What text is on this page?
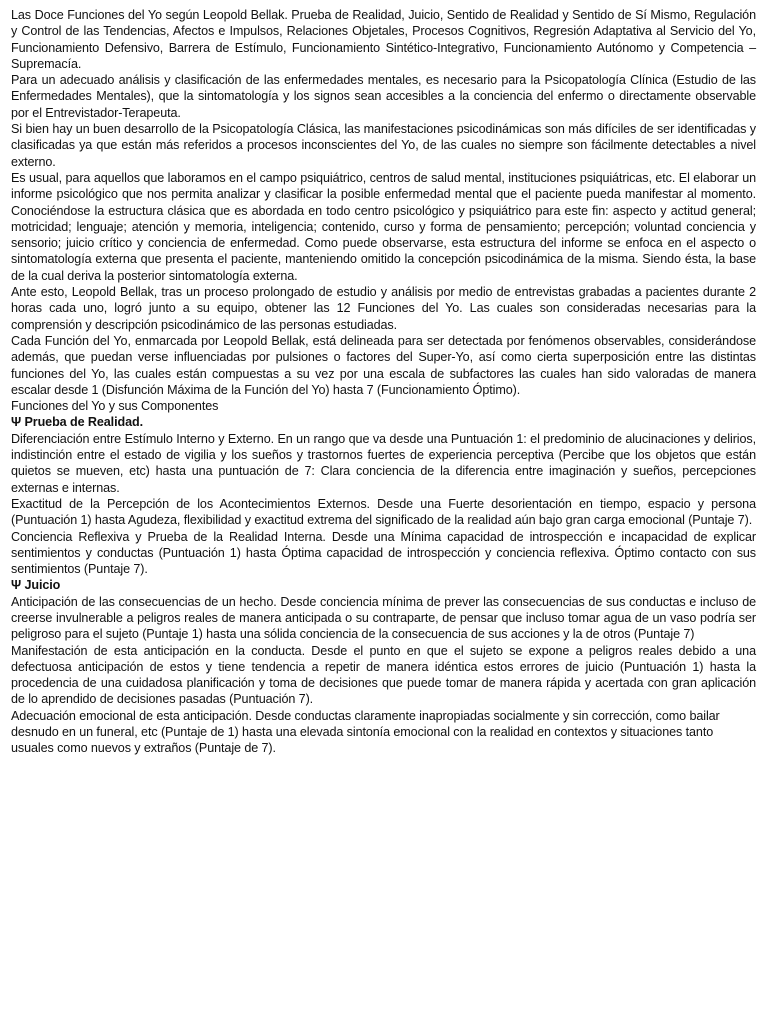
Las Doce Funciones del Yo según Leopold Bellak. Prueba de Realidad, Juicio, Sentido de Realidad y Sentido de Sí Mismo, Regulación y Control de las Tendencias, Afectos e Impulsos, Relaciones Objetales, Procesos Cognitivos, Regresión Adaptativa al Servicio del Yo, Funcionamiento Defensivo, Barrera de Estímulo, Funcionamiento Sintético-Integrativo, Funcionamiento Autónomo y Competencia – Supremacía.

Para un adecuado análisis y clasificación de las enfermedades mentales, es necesario para la Psicopatología Clínica (Estudio de las Enfermedades Mentales), que la sintomatología y los signos sean accesibles a la conciencia del enfermo o directamente observable por el Entrevistador-Terapeuta.

Si bien hay un buen desarrollo de la Psicopatología Clásica, las manifestaciones psicodinámicas son más difíciles de ser identificadas y clasificadas ya que están más referidos a procesos inconscientes del Yo, de las cuales no siempre son fácilmente detectables a nivel externo.

Es usual, para aquellos que laboramos en el campo psiquiátrico, centros de salud mental, instituciones psiquiátricas, etc. El elaborar un informe psicológico que nos permita analizar y clasificar la posible enfermedad mental que el paciente pueda manifestar al momento. Conociéndose la estructura clásica que es abordada en todo centro psicológico y psiquiátrico para este fin: aspecto y actitud general; motricidad; lenguaje; atención y memoria, inteligencia; contenido, curso y forma de pensamiento; percepción; voluntad conciencia y sensorio; juicio crítico y conciencia de enfermedad. Como puede observarse, esta estructura del informe se enfoca en el aspecto o sintomatología externa que presenta el paciente, manteniendo omitido la concepción psicodinámica de la misma. Siendo ésta, la base de la cual deriva la posterior sintomatología externa.

Ante esto, Leopold Bellak, tras un proceso prolongado de estudio y análisis por medio de entrevistas grabadas a pacientes durante 2 horas cada uno, logró junto a su equipo, obtener las 12 Funciones del Yo. Las cuales son consideradas necesarias para la comprensión y descripción psicodinámico de las personas estudiadas.

Cada Función del Yo, enmarcada por Leopold Bellak, está delineada para ser detectada por fenómenos observables, considerándose además, que puedan verse influenciadas por pulsiones o factores del Super-Yo, así como cierta superposición entre las distintas funciones del Yo, las cuales están compuestas a su vez por una escala de subfactores las cuales han sido valoradas de manera escalar desde 1 (Disfunción Máxima de la Función del Yo) hasta 7 (Funcionamiento Óptimo).

Funciones del Yo y sus Componentes

Ψ Prueba de Realidad.

Diferenciación entre Estímulo Interno y Externo. En un rango que va desde una Puntuación 1: el predominio de alucinaciones y delirios, indistinción entre el estado de vigilia y los sueños y trastornos fuertes de experiencia perceptiva (Percibe que los objetos que están quietos se mueven, etc) hasta una puntuación de 7: Clara conciencia de la diferencia entre imaginación y sueños, percepciones externas e internas.

Exactitud de la Percepción de los Acontecimientos Externos. Desde una Fuerte desorientación en tiempo, espacio y persona (Puntuación 1) hasta Agudeza, flexibilidad y exactitud extrema del significado de la realidad aún bajo gran carga emocional (Puntaje 7).

Conciencia Reflexiva y Prueba de la Realidad Interna. Desde una Mínima capacidad de introspección e incapacidad de explicar sentimientos y conductas (Puntuación 1) hasta Óptima capacidad de introspección y conciencia reflexiva. Óptimo contacto con sus sentimientos (Puntaje 7).

Ψ Juicio

Anticipación de las consecuencias de un hecho. Desde conciencia mínima de prever las consecuencias de sus conductas e incluso de creerse invulnerable a peligros reales de manera anticipada o su contraparte, de pensar que incluso tomar agua de un vaso podría ser peligroso para el sujeto (Puntaje 1) hasta una sólida conciencia de la consecuencia de sus acciones y la de otros (Puntaje 7)

Manifestación de esta anticipación en la conducta. Desde el punto en que el sujeto se expone a peligros reales debido a una defectuosa anticipación de estos y tiene tendencia a repetir de manera idéntica estos errores de juicio (Puntuación 1) hasta la procedencia de una cuidadosa planificación y toma de decisiones que puede tomar de manera rápida y acertada con gran aplicación de lo aprendido de decisiones pasadas (Puntuación 7).

Adecuación emocional de esta anticipación. Desde conductas claramente inapropiadas socialmente y sin corrección, como bailar desnudo en un funeral, etc (Puntaje de 1) hasta una elevada sintonía emocional con la realidad en contextos y situaciones tanto usuales como nuevos y extraños (Puntaje de 7).
